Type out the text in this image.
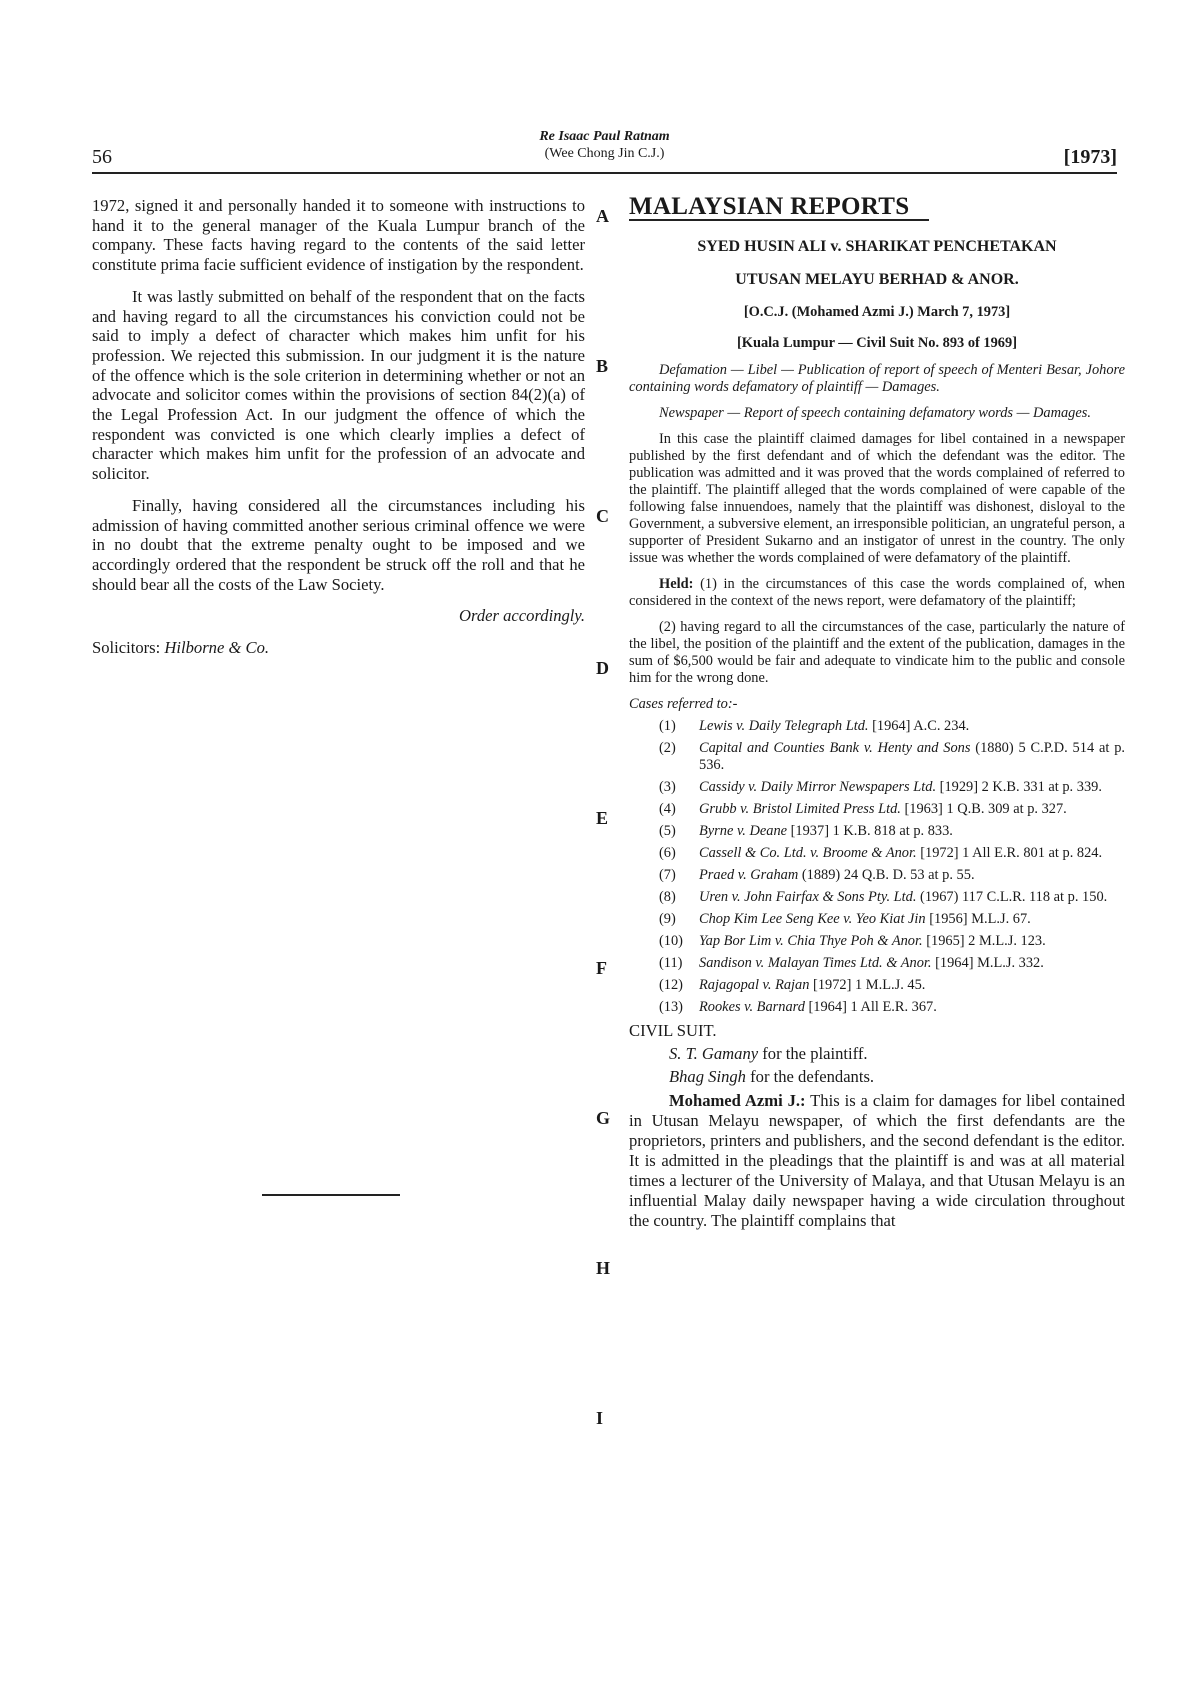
56
Re Isaac Paul Ratnam
(Wee Chong Jin C.J.)	[1973]

1972, signed it and personally handed it to someone with instructions to hand it to the general manager of the Kuala Lumpur branch of the company. These facts having regard to the contents of the said letter constitute prima facie sufficient evidence of instigation by the respondent.

It was lastly submitted on behalf of the respondent that on the facts and having regard to all the circumstances his conviction could not be said to imply a defect of character which makes him unfit for his profession. We rejected this submission. In our judgment it is the nature of the offence which is the sole criterion in determining whether or not an advocate and solicitor comes within the provisions of section 84(2)(a) of the Legal Profession Act. In our judgment the offence of which the respondent was convicted is one which clearly implies a defect of character which makes him unfit for the profession of an advocate and solicitor.

Finally, having considered all the circumstances including his admission of having committed another serious criminal offence we were in no doubt that the extreme penalty ought to be imposed and we accordingly ordered that the respondent be struck off the roll and that he should bear all the costs of the Law Society.

Order accordingly.

Solicitors: Hilborne & Co.

A
B
C
D
E
F
G
H
I
MALAYSIAN REPORTS

SYED HUSIN ALI v. SHARIKAT PENCHETAKAN

UTUSAN MELAYU BERHAD & ANOR.

[O.C.J. (Mohamed Azmi J.) March 7, 1973]

[Kuala Lumpur — Civil Suit No. 893 of 1969]

Defamation — Libel — Publication of report of speech of Menteri Besar, Johore containing words defamatory of plaintiff — Damages.

Newspaper — Report of speech containing defamatory words — Damages.

In this case the plaintiff claimed damages for libel contained in a newspaper published by the first defendant and of which the defendant was the editor. The publication was admitted and it was proved that the words complained of referred to the plaintiff. The plaintiff alleged that the words complained of were capable of the following false innuendoes, namely that the plaintiff was dishonest, disloyal to the Government, a subversive element, an irresponsible politician, an ungrateful person, a supporter of President Sukarno and an instigator of unrest in the country. The only issue was whether the words complained of were defamatory of the plaintiff.

Held: (1) in the circumstances of this case the words complained of, when considered in the context of the news report, were defamatory of the plaintiff;

(2) having regard to all the circumstances of the case, particularly the nature of the libel, the position of the plaintiff and the extent of the publication, damages in the sum of $6,500 would be fair and adequate to vindicate him to the public and console him for the wrong done.

Cases referred to:-

(1) Lewis v. Daily Telegraph Ltd. [1964] A.C. 234.
(2) Capital and Counties Bank v. Henty and Sons (1880) 5 C.P.D. 514 at p. 536.
(3) Cassidy v. Daily Mirror Newspapers Ltd. [1929] 2 K.B. 331 at p. 339.
(4) Grubb v. Bristol Limited Press Ltd. [1963] 1 Q.B. 309 at p. 327.
(5) Byrne v. Deane [1937] 1 K.B. 818 at p. 833.
(6) Cassell & Co. Ltd. v. Broome & Anor. [1972] 1 All E.R. 801 at p. 824.
(7) Praed v. Graham (1889) 24 Q.B. D. 53 at p. 55.
(8) Uren v. John Fairfax & Sons Pty. Ltd. (1967) 117 C.L.R. 118 at p. 150.
(9) Chop Kim Lee Seng Kee v. Yeo Kiat Jin [1956] M.L.J. 67.
(10) Yap Bor Lim v. Chia Thye Poh & Anor. [1965] 2 M.L.J. 123.
(11) Sandison v. Malayan Times Ltd. & Anor. [1964] M.L.J. 332.
(12) Rajagopal v. Rajan [1972] 1 M.L.J. 45.
(13) Rookes v. Barnard [1964] 1 All E.R. 367.

CIVIL SUIT.

S. T. Gamany for the plaintiff.

Bhag Singh for the defendants.

Mohamed Azmi J.: This is a claim for damages for libel contained in Utusan Melayu newspaper, of which the first defendants are the proprietors, printers and publishers, and the second defendant is the editor. It is admitted in the pleadings that the plaintiff is and was at all material times a lecturer of the University of Malaya, and that Utusan Melayu is an influential Malay daily newspaper having a wide circulation throughout the country. The plaintiff complains that
